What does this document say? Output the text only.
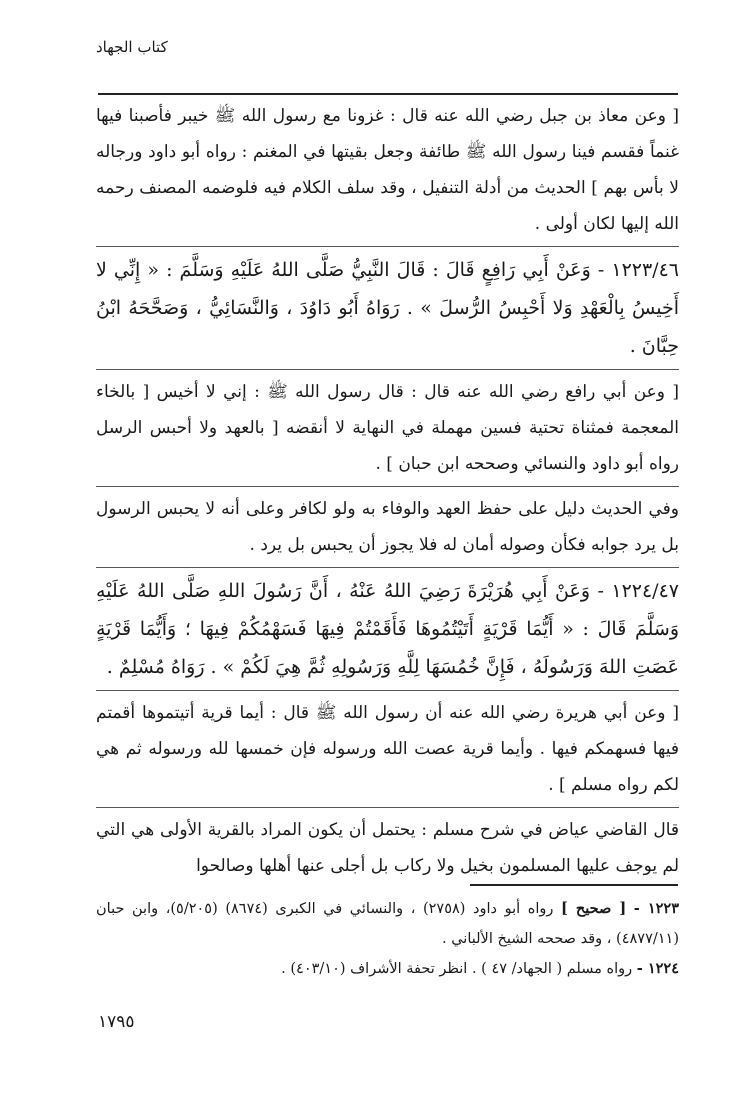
كتاب الجهاد

[ وعن معاذ بن جبل رضي الله عنه قال : غزونا مع رسول الله ﷺ خيبر فأصبنا فيها غنماً فقسم فينا رسول الله ﷺ طائفة وجعل بقيتها في المغنم : رواه أبو داود ورجاله لا بأس بهم ] الحديث من أدلة التنفيل ، وقد سلف الكلام فيه فلوضمه المصنف رحمه الله إليها لكان أولى .

١٢٢٣/٤٦ - وَعَنْ أَبِي رَافِعٍ قَالَ : قَالَ النَّبِيُّ صَلَّى اللهُ عَلَيْهِ وَسَلَّمَ : « إِنِّي لا أَخِيسُ بِالْعَهْدِ وَلا أَحْبِسُ الرُّسلَ » . رَوَاهُ أَبُو دَاوُدَ ، وَالنَّسَائِيُّ ، وَصَحَّحَهُ ابْنُ حِبَّانَ .

[ وعن أبي رافع رضي الله عنه قال : قال رسول الله ﷺ : إني لا أخيس [ بالخاء المعجمة فمثناة تحتية فسين مهملة في النهاية لا أنقضه [ بالعهد ولا أحبس الرسل رواه أبو داود والنسائي وصححه ابن حبان ] .

وفي الحديث دليل على حفظ العهد والوفاء به ولو لكافر وعلى أنه لا يحبس الرسول بل يرد جوابه فكأن وصوله أمان له فلا يجوز أن يحبس بل يرد .

١٢٢٤/٤٧ - وَعَنْ أَبِي هُرَيْرَةَ رَضِيَ اللهُ عَنْهُ ، أَنَّ رَسُولَ اللهِ صَلَّى اللهُ عَلَيْهِ وَسَلَّمَ قَالَ : « أَيُّمَا قَرْيَةٍ أَتَيْتُمُوهَا فَأَقَمْتُمْ فِيهَا فَسَهْمُكُمْ فِيهَا ؛ وَأَيُّمَا قَرْيَةٍ عَصَتِ اللهَ وَرَسُولَهُ ، فَإِنَّ خُمُسَهَا لِلَّهِ وَرَسُولِهِ ثُمَّ هِيَ لَكُمْ » . رَوَاهُ مُسْلِمٌ .

[ وعن أبي هريرة رضي الله عنه أن رسول الله ﷺ قال : أيما قرية أتيتموها أقمتم فيها فسهمكم فيها . وأيما قرية عصت الله ورسوله فإن خمسها لله ورسوله ثم هي لكم رواه مسلم ] .

قال القاضي عياض في شرح مسلم : يحتمل أن يكون المراد بالقرية الأولى هي التي لم يوجف عليها المسلمون بخيل ولا ركاب بل أجلى عنها أهلها وصالحوا

١٢٢٣ - [ صحيح ] رواه أبو داود (٢٧٥٨) ، والنسائي في الكبرى (٨٦٧٤) (٥/٢٠٥)، وابن حبان (٤٨٧٧/١١) ، وقد صححه الشيخ الألباني .

١٢٢٤ - رواه مسلم ( الجهاد/ ٤٧ ) . انظر تحفة الأشراف (٤٠٣/١٠) .

١٧٩٥
